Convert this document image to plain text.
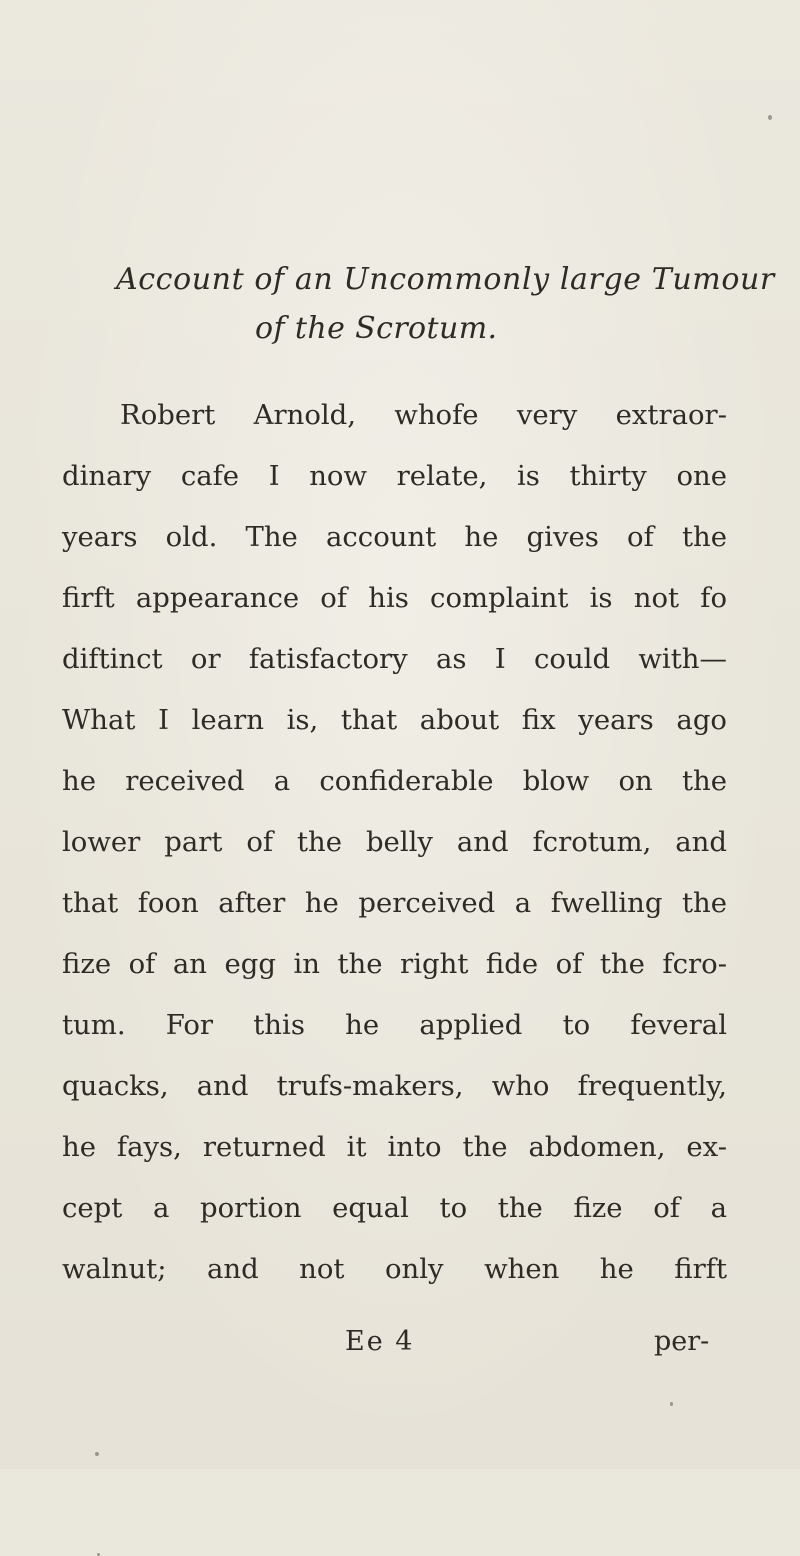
Account of an Uncommonly large Tumour
of the Scrotum.
Robert Arnold, whofe very extraor-
dinary cafe I now relate, is thirty one
years old. The account he gives of the
firft appearance of his complaint is not fo
diftinct or fatisfactory as I could with—
What I learn is, that about fix years ago
he received a confiderable blow on the
lower part of the belly and fcrotum, and
that foon after he perceived a fwelling the
fize of an egg in the right fide of the fcro-
tum. For this he applied to feveral
quacks, and trufs-makers, who frequently,
he fays, returned it into the abdomen, ex-
cept a portion equal to the fize of a
walnut; and not only when he firft
Ee 4	per-
